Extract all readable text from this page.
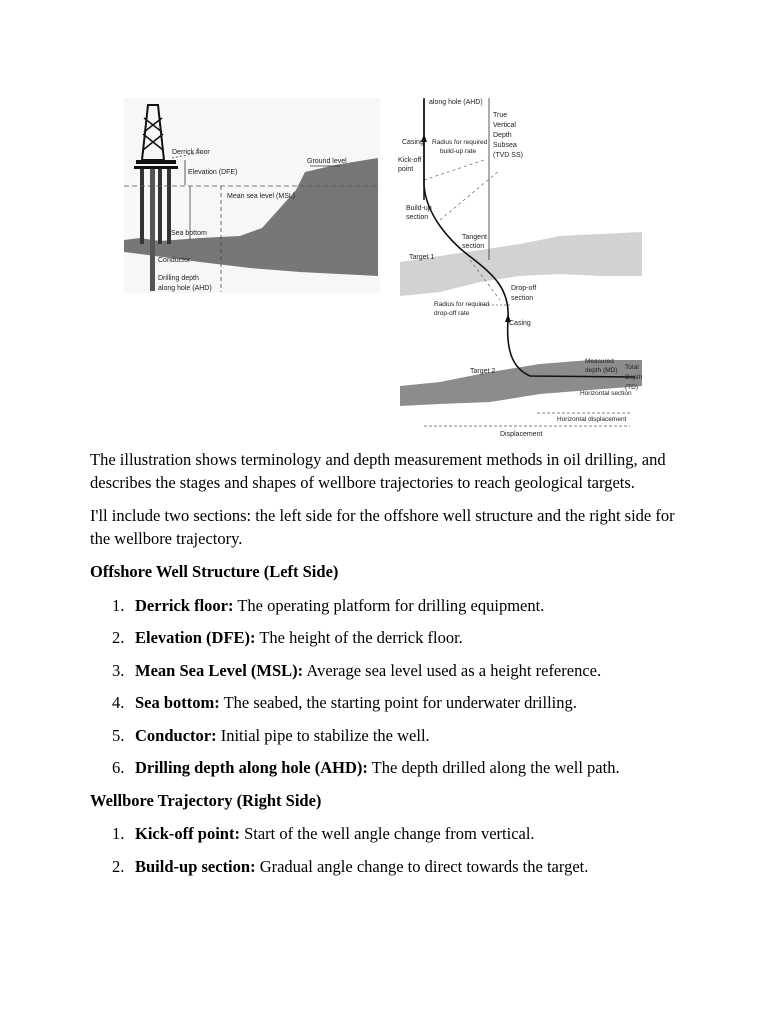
Derrick floor
Elevation (DFE)
Mean sea level (MSL)
Ground level
Sea bottom
Conductor
Drilling depth
along hole (AHD)
along hole (AHD)
True
Vertical
Depth
Subsea
(TVD SS)
Casing Radius for required
build-up rate
Kick-off
point
Build-up
section
Tangent
section
Target 1
Drop-off
section
Radius for required
drop-off rate
Casing
Target 2
Measured
depth (MD) Total
Depth
(TD)
Horizontal section
Horizontal displacement
Displacement

The illustration shows terminology and depth measurement methods in oil drilling, and describes the stages and shapes of wellbore trajectories to reach geological targets.

I'll include two sections: the left side for the offshore well structure and the right side for the wellbore trajectory.

Offshore Well Structure (Left Side)
1. Derrick floor: The operating platform for drilling equipment.
2. Elevation (DFE): The height of the derrick floor.
3. Mean Sea Level (MSL): Average sea level used as a height reference.
4. Sea bottom: The seabed, the starting point for underwater drilling.
5. Conductor: Initial pipe to stabilize the well.
6. Drilling depth along hole (AHD): The depth drilled along the well path.
Wellbore Trajectory (Right Side)
1. Kick-off point: Start of the well angle change from vertical.
2. Build-up section: Gradual angle change to direct towards the target.
